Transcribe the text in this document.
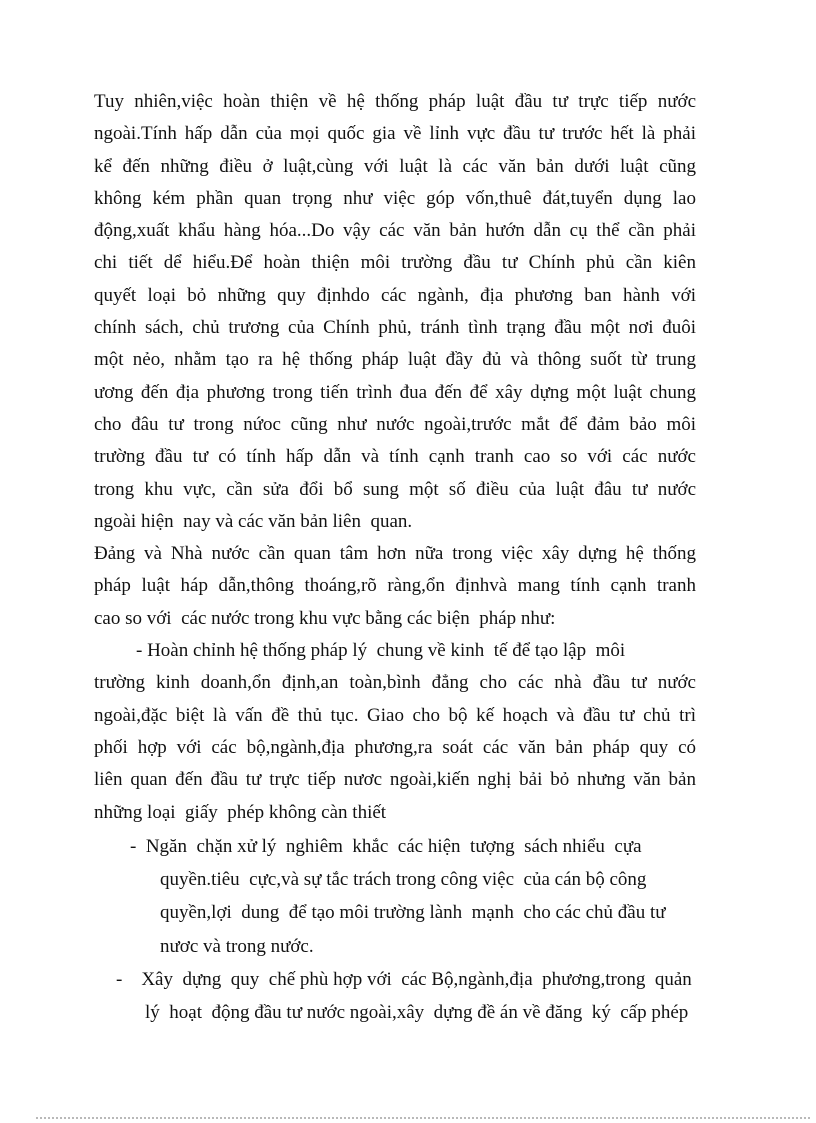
Tuy nhiên,việc hoàn thiện về hệ thống pháp luật đầu tư trực tiếp nước
ngoài.Tính hấp dẫn của mọi quốc gia về lỉnh vực đầu tư trước hết là phải
kể đến những điều ở luật,cùng với luật là các văn bản dưới luật cũng
không kém phần quan trọng như việc góp vốn,thuê đát,tuyển dụng lao
động,xuất khẩu hàng hóa...Do vậy các văn bản hướn dẫn cụ thể cần phải
chi tiết dể hiểu.Để hoàn thiện môi trường đầu tư Chính phủ cần kiên
quyết loại bỏ những quy địnhdo các ngành, địa phương ban hành với
chính sách, chủ trương của Chính phủ, tránh tình trạng đầu một nơi đuôi
một nẻo, nhằm tạo ra hệ thống pháp luật đầy đủ và thông suốt từ trung
ương đến địa phương trong tiến trình đua đến để xây dựng một luật chung
cho đâu tư trong nứoc cũng như nước ngoài,trước mắt để đảm bảo môi
trường đầu tư có tính hấp dẫn và tính cạnh tranh cao so với các nước
trong khu vực, cần sửa đổi bổ sung một số điều của luật đâu tư nước
ngoài hiện  nay và các văn bản liên  quan.
Đảng và Nhà nước cần quan tâm hơn nữa trong việc xây dựng hệ thống
pháp luật háp dẫn,thông thoáng,rõ ràng,ổn địnhvà mang tính cạnh tranh
cao so với  các nước trong khu vực bằng các biện  pháp như:
- Hoàn chỉnh hệ thống pháp lý  chung về kinh  tế để tạo lập  môi
trường kinh doanh,ổn định,an toàn,bình đẳng cho các nhà đầu tư nước
ngoài,đặc biệt là vấn đề thủ tục. Giao cho bộ kế hoạch và đầu tư chủ trì
phối hợp với các bộ,ngành,địa phương,ra soát các văn bản pháp quy có
liên quan đến đầu tư trực tiếp nươc ngoài,kiến nghị bải bỏ nhưng văn bản
những loại  giấy  phép không càn thiết
-  Ngăn  chặn xử lý  nghiêm  khắc  các hiện  tượng  sách nhiểu  cựa
quyền.tiêu  cực,và sự tắc trách trong công việc  của cán bộ công
quyền,lợi  dung  để tạo môi trường lành  mạnh  cho các chủ đầu tư
nươc và trong nước.
-    Xây  dựng  quy  chế phù hợp với  các Bộ,ngành,địa  phương,trong  quản
lý  hoạt  động đầu tư nước ngoài,xây  dựng đề án về đăng  ký  cấp phép
